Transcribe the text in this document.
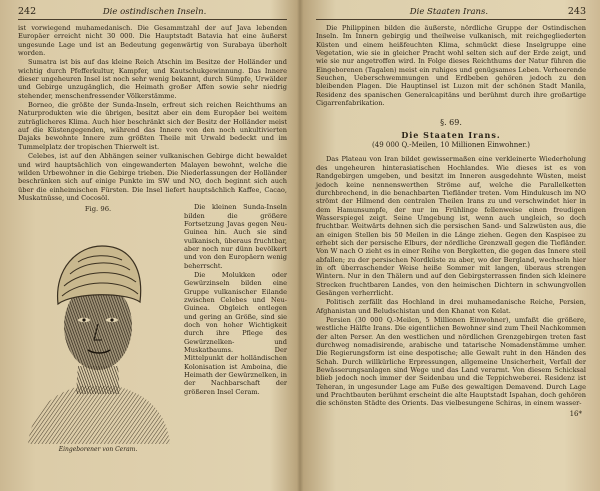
242	Die ostindischen Inseln.

ist vorwiegend muhamedanisch. Die Gesammtzahl der auf Java lebenden Europäer erreicht nicht 30 000. Die Hauptstadt Batavia hat eine äußerst ungesunde Lage und ist an Bedeutung gegenwärtig von Surabaya überholt worden.

Sumatra ist bis auf das kleine Reich Atschin im Besitze der Holländer und wichtig durch Pfefferkultur, Kampfer, und Kautschukgewinnung. Das Innere dieser ungeheuren Insel ist noch sehr wenig bekannt, durch Sümpfe, Urwälder und Gebirge unzugänglich, die Heimath großer Affen sowie sehr niedrig stehender, menschenfressender Völkerstämme.

Borneo, die größte der Sunda-Inseln, erfreut sich reichen Reichthums an Naturprodukten wie die übrigen, besitzt aber ein dem Europäer bei weitem zuträglicheres Klima. Auch hier beschränkt sich der Besitz der Holländer meist auf die Küstengegenden, während das Innere von den noch unkultivierten Dajaks bewohnte Innere zum größten Theile mit Urwald bedeckt und im Tummelplatz der tropischen Thierwelt ist.

Celebes, ist auf den Abhängen seiner vulkanischen Gebirge dicht bewaldet und wird hauptsächlich von eingewanderten Malayen bewohnt, welche die wilden Urbewohner in die Gebirge trieben. Die Niederlassungen der Holländer beschränken sich auf einige Punkte im SW und NO, doch beginnt sich auch über die einheimischen Fürsten. Die Insel liefert hauptsächlich Kaffee, Cacao, Muskatnüsse, und Cocosöl.

Fig. 96.
Eingeborener von Ceram.

Die kleinen Sunda-Inseln bilden die größere Fortsetzung Javas gegen Neu-Guinea hin. Auch sie sind vulkanisch, überaus fruchtbar, aber noch nur dünn bevölkert und von den Europäern wenig beherrscht.

Die Molukken oder Gewürzinseln bilden eine Gruppe vulkanischer Eilande zwischen Celebes und Neu-Guinea. Obgleich entlegen und gering an Größe, sind sie doch von hoher Wichtigkeit durch ihre Pflege des Gewürznelken- und Muskatbaums. Der Mittelpunkt der holländischen Kolonisation ist Amboina, die Heimath der Gewürznelken, in der Nachbarschaft der größeren Insel Ceram.

Die Staaten Irans.	243

Die Philippinen bilden die äußerste, nördliche Gruppe der Ostindischen Inseln. Im Innern gebirgig und theilweise vulkanisch, mit reichgegliederten Küsten und einem heißfeuchten Klima, schmückt diese Inselgruppe eine Vegetation, wie sie in gleicher Pracht wohl selten sich auf der Erde zeigt, und wie sie nur angetroffen wird. In Folge dieses Reichthums der Natur führen die Eingeborenen (Tagalen) meist ein ruhiges und genügsames Leben. Verheerende Seuchen, Ueberschwemmungen und Erdbeben gehören jedoch zu den bleibenden Plagen. Die Hauptinsel ist Luzon mit der schönen Stadt Manila, Residenz des spanischen Generalcapitäns und berühmt durch ihre großartige Cigarrenfabrikation.

§. 69.
Die Staaten Irans.
(49 000 Q.-Meilen, 10 Millionen Einwohner.)

Das Plateau von Iran bildet gewissermaßen eine verkleinerte Wiederholung des ungeheuren hinterasiatischen Hochlandes. Wie dieses ist es von Randgebirgen umgeben, und besitzt im Inneren ausgedehnte Wüsten, meist jedoch keine nennenswerthen Ströme auf, welche die Parallelketten durchbrechend, in die benachbarten Tiefländer treten. Vom Hindukusch im NO strömt der Hilmend den centralen Theilen Irans zu und verschwindet hier in dem Hamunsumpfe, der nur im Frühlinge fellenweise einen freudigen Wasserspiegel zeigt. Seine Umgebung ist, wenn auch ungleich, so doch fruchtbar. Weitwärts dehnen sich die persischen Sand- und Salzwüsten aus, die an einigen Stellen bis 50 Meilen in die Länge ziehen. Gegen den Kaspisee zu erhebt sich der persische Elburs, der nördliche Grenzwall gegen die Tiefländer. Von W nach O zieht es in einer Reihe von Bergketten, die gegen das Innere steil abfallen; zu der persischen Nordküste zu aber, wo der Bergland, wechseln hier in oft überraschender Weise heiße Sommer mit langen, überaus strengen Wintern. Nur in den Thälern und auf den Gebirgsterrassen finden sich kleinere Strecken fruchtbaren Landes, von den heimischen Dichtern in schwungvollen Gesängen verherrlicht.

Politisch zerfällt das Hochland in drei muhamedanische Reiche, Persien, Afghanistan und Beludschistan und den Khanat von Kelat.

Persien (30 000 Q.-Meilen, 5 Millionen Einwohner), umfaßt die größere, westliche Hälfte Irans. Die eigentlichen Bewohner sind zum Theil Nachkommen der alten Perser. An den westlichen und nördlichen Grenzgebirgen treten fast durchweg nomadisirende, arabische und tatarische Nomadenstämme umher. Die Regierungsform ist eine despotische; alle Gewalt ruht in den Händen des Schah. Durch willkürliche Erpressungen, allgemeine Unsicherheit, Verfall der Bewässerungsanlagen sind Wege und das Land verarmt. Von diesem Schicksal blieb jedoch noch immer der Seidenbau und die Teppichweberei. Residenz ist Teheran, in ungesunder Lage am Fuße des gewaltigen Demavend. Durch Lage und Prachtbauten berühmt erscheint die alte Hauptstadt Ispahan, doch gehören die schönsten Städte des Orients. Das vielbesungene Schiras, in einem wasser-

16*
